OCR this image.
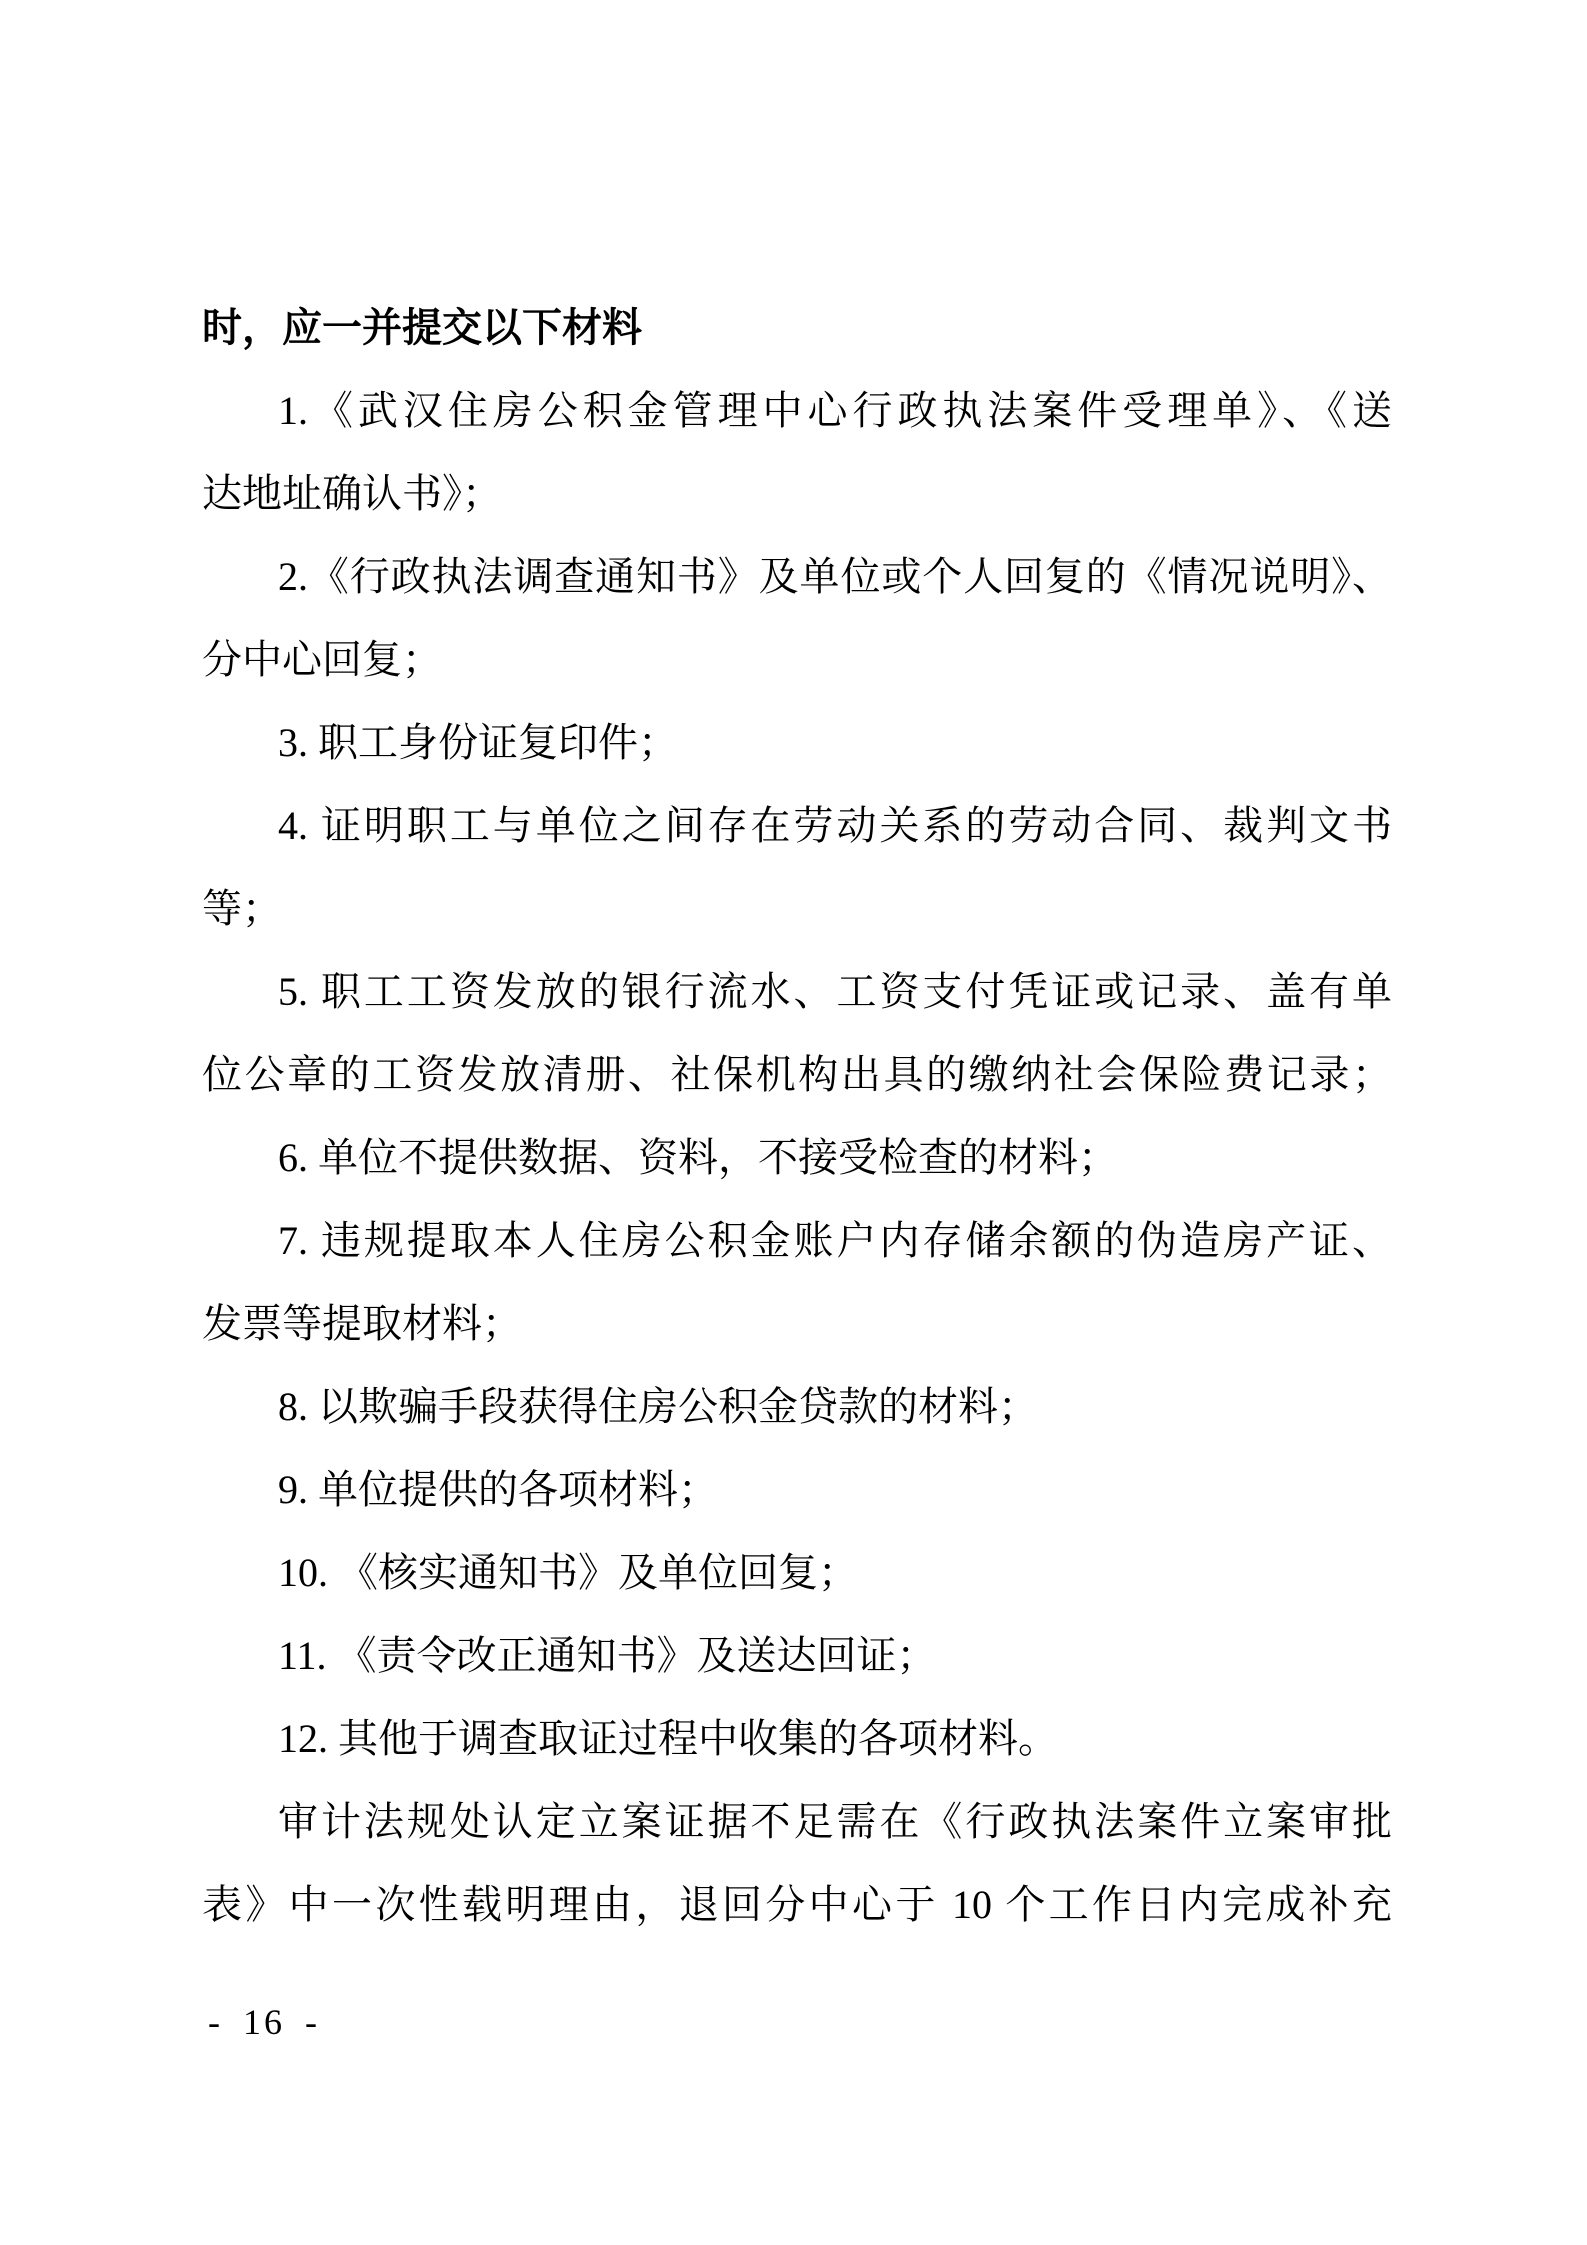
时，应一并提交以下材料
1.《武汉住房公积金管理中心行政执法案件受理单》、《送
达地址确认书》；
2.《行政执法调查通知书》及单位或个人回复的《情况说明》、
分中心回复；
3. 职工身份证复印件；
4. 证明职工与单位之间存在劳动关系的劳动合同、裁判文书
等；
5. 职工工资发放的银行流水、工资支付凭证或记录、盖有单
位公章的工资发放清册、社保机构出具的缴纳社会保险费记录；
6. 单位不提供数据、资料，不接受检查的材料；
7. 违规提取本人住房公积金账户内存储余额的伪造房产证、
发票等提取材料；
8. 以欺骗手段获得住房公积金贷款的材料；
9. 单位提供的各项材料；
10. 《核实通知书》及单位回复；
11. 《责令改正通知书》及送达回证；
12. 其他于调查取证过程中收集的各项材料。
审计法规处认定立案证据不足需在《行政执法案件立案审批
表》中一次性载明理由，退回分中心于 10 个工作日内完成补充
- 16 -
